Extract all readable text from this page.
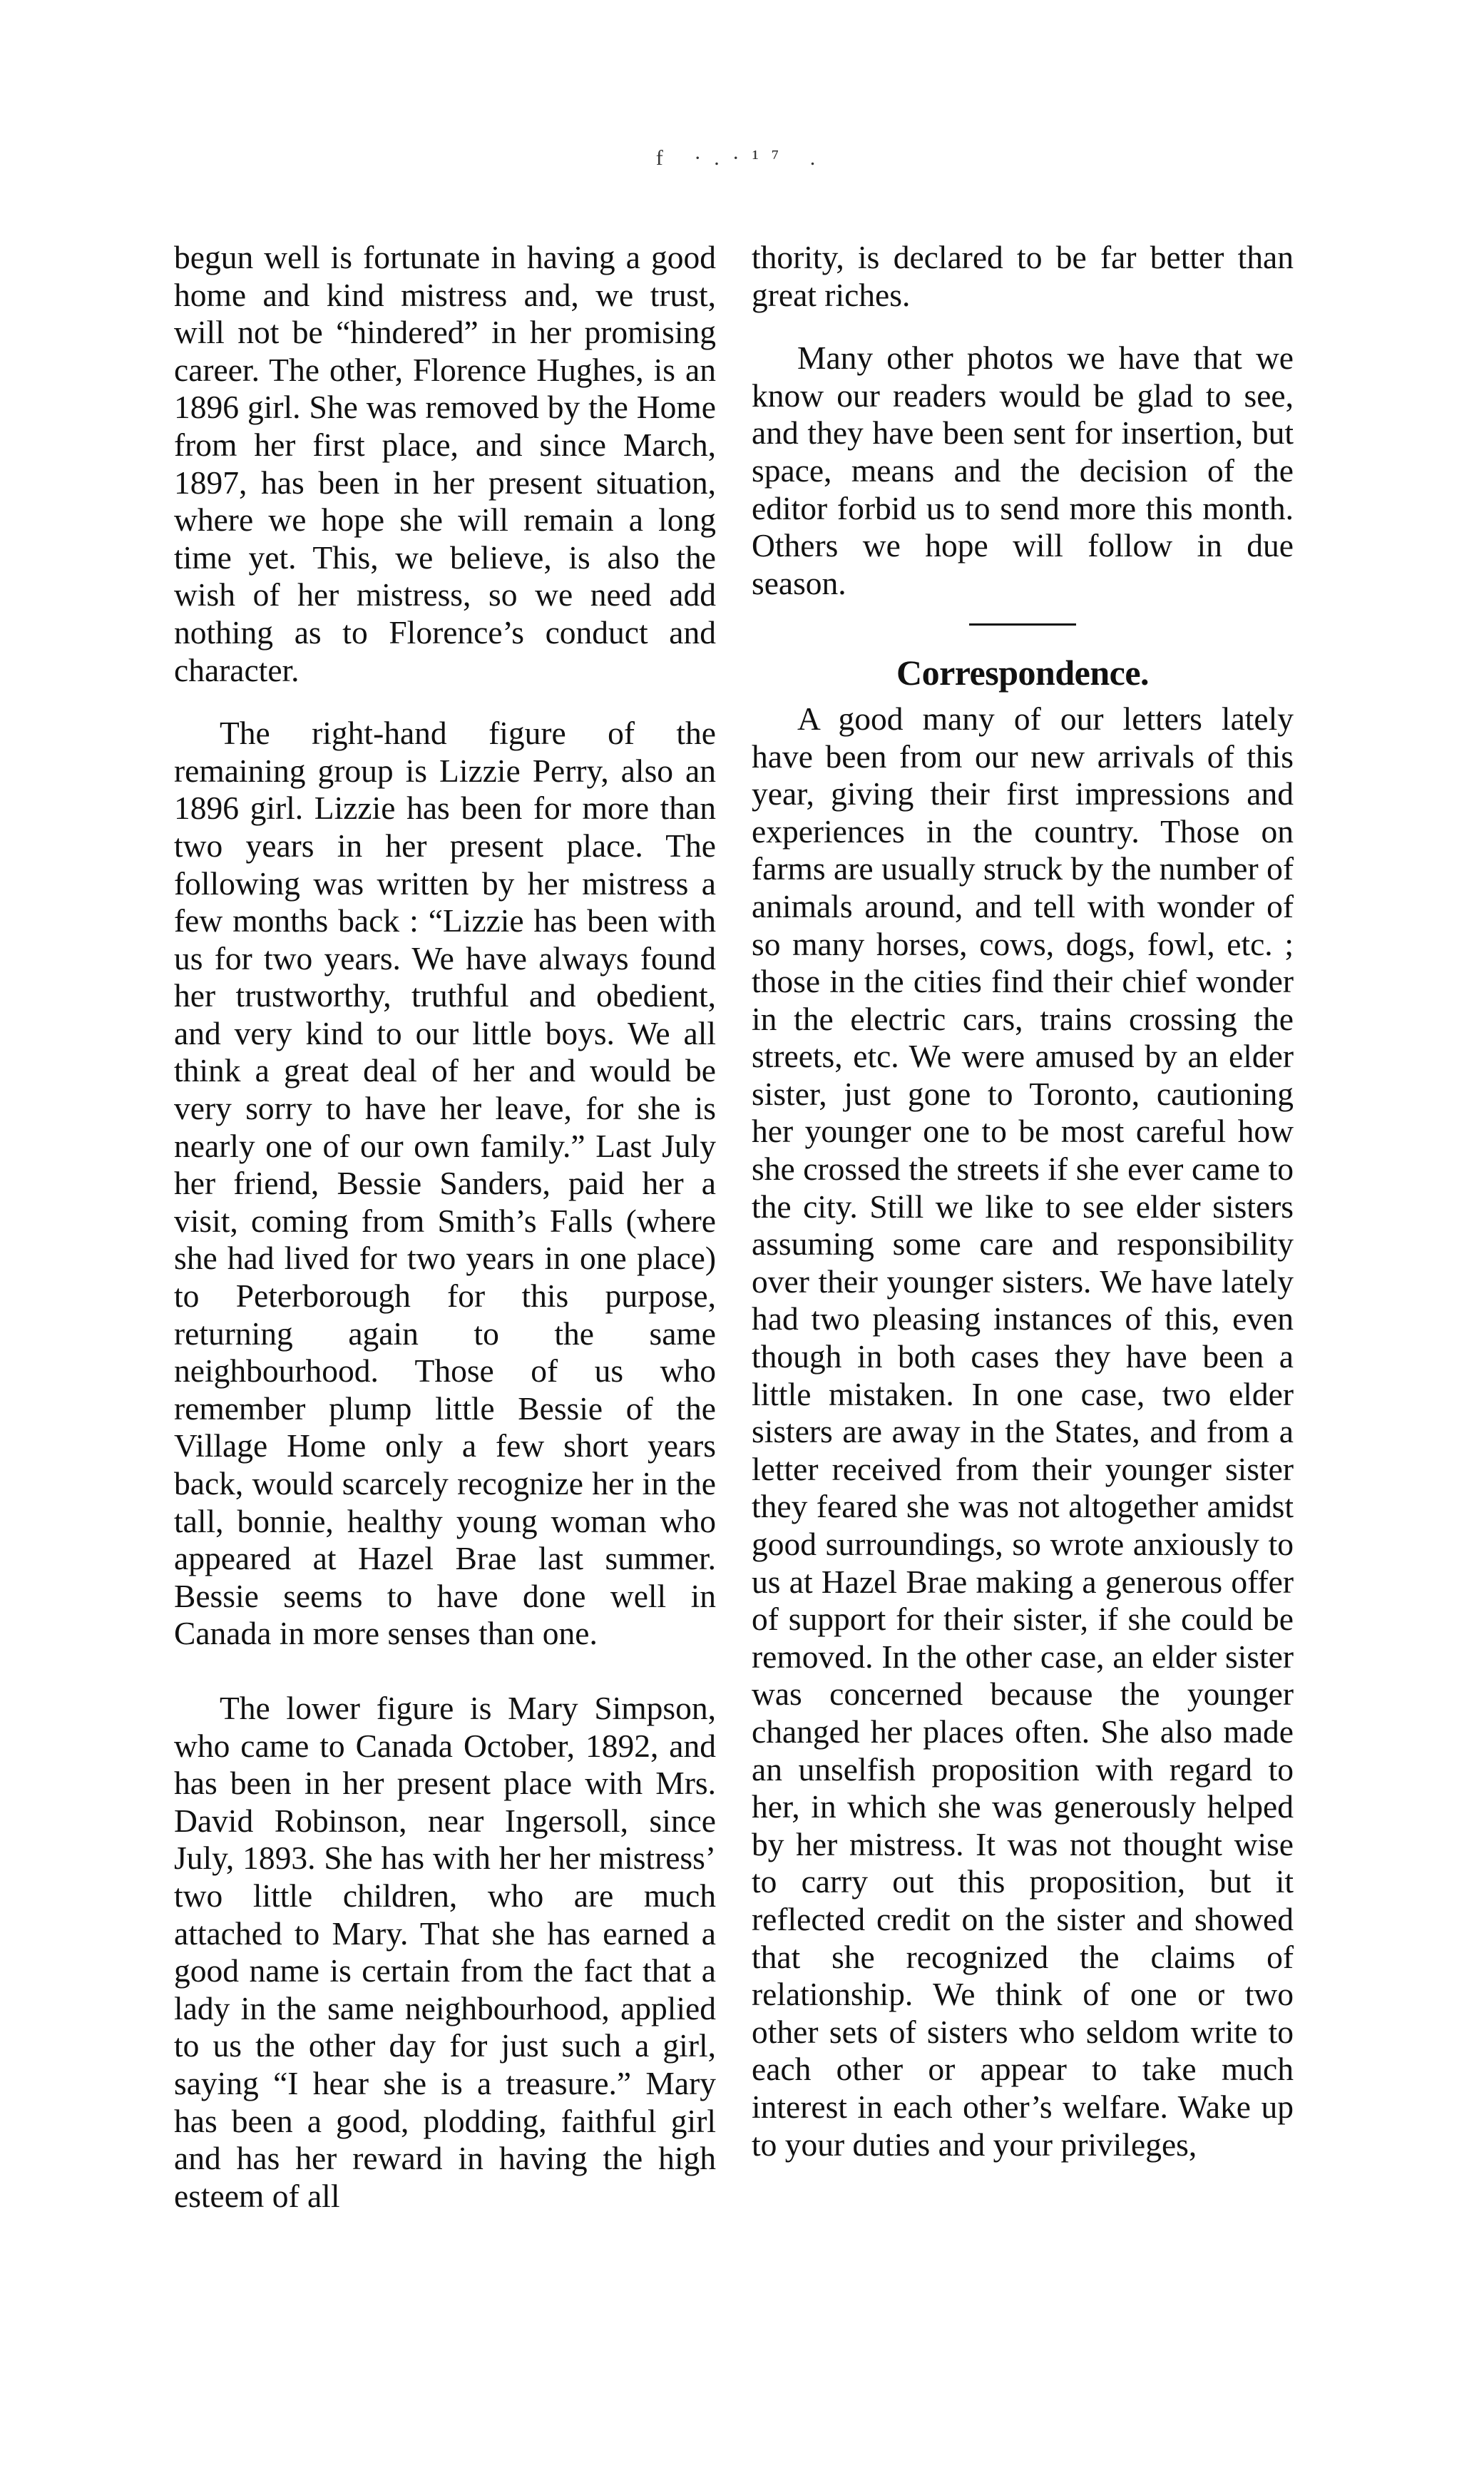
f ·.·¹⁷ .

begun well is fortunate in having a good home and kind mistress and, we trust, will not be “hindered” in her promising career. The other, Florence Hughes, is an 1896 girl. She was removed by the Home from her first place, and since March, 1897, has been in her present situation, where we hope she will remain a long time yet. This, we believe, is also the wish of her mistress, so we need add nothing as to Florence’s conduct and character.

The right-hand figure of the remaining group is Lizzie Perry, also an 1896 girl. Lizzie has been for more than two years in her present place. The following was written by her mistress a few months back : “Lizzie has been with us for two years. We have always found her trustworthy, truthful and obedient, and very kind to our little boys. We all think a great deal of her and would be very sorry to have her leave, for she is nearly one of our own family.” Last July her friend, Bessie Sanders, paid her a visit, coming from Smith’s Falls (where she had lived for two years in one place) to Peterborough for this purpose, returning again to the same neighbourhood. Those of us who remember plump little Bessie of the Village Home only a few short years back, would scarcely recognize her in the tall, bonnie, healthy young woman who appeared at Hazel Brae last summer. Bessie seems to have done well in Canada in more senses than one.

The lower figure is Mary Simpson, who came to Canada October, 1892, and has been in her present place with Mrs. David Robinson, near Ingersoll, since July, 1893. She has with her her mistress’ two little children, who are much attached to Mary. That she has earned a good name is certain from the fact that a lady in the same neighbourhood, applied to us the other day for just such a girl, saying “I hear she is a treasure.” Mary has been a good, plodding, faithful girl and has her reward in having the high esteem of all

thority, is declared to be far better than great riches.

Many other photos we have that we know our readers would be glad to see, and they have been sent for insertion, but space, means and the decision of the editor forbid us to send more this month. Others we hope will follow in due season.

Correspondence.

A good many of our letters lately have been from our new arrivals of this year, giving their first impressions and experiences in the country. Those on farms are usually struck by the number of animals around, and tell with wonder of so many horses, cows, dogs, fowl, etc. ; those in the cities find their chief wonder in the electric cars, trains crossing the streets, etc. We were amused by an elder sister, just gone to Toronto, cautioning her younger one to be most careful how she crossed the streets if she ever came to the city. Still we like to see elder sisters assuming some care and responsibility over their younger sisters. We have lately had two pleasing instances of this, even though in both cases they have been a little mistaken. In one case, two elder sisters are away in the States, and from a letter received from their younger sister they feared she was not altogether amidst good surroundings, so wrote anxiously to us at Hazel Brae making a generous offer of support for their sister, if she could be removed. In the other case, an elder sister was concerned because the younger changed her places often. She also made an unselfish proposition with regard to her, in which she was generously helped by her mistress. It was not thought wise to carry out this proposition, but it reflected credit on the sister and showed that she recognized the claims of relationship. We think of one or two other sets of sisters who seldom write to each other or appear to take much interest in each other’s welfare. Wake up to your duties and your privileges,
